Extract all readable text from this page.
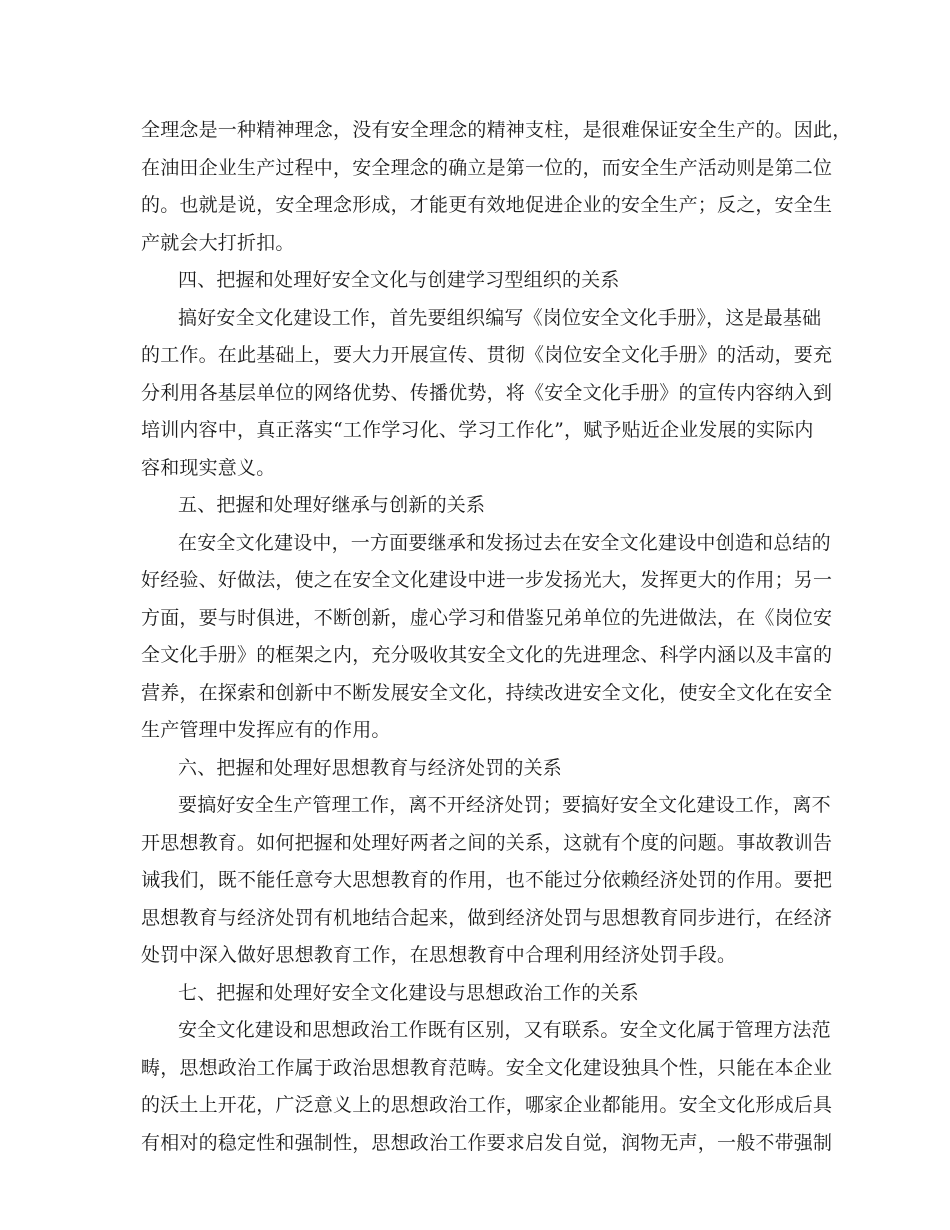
全理念是一种精神理念，没有安全理念的精神支柱，是很难保证安全生产的。因此，
在油田企业生产过程中，安全理念的确立是第一位的，而安全生产活动则是第二位
的。也就是说，安全理念形成，才能更有效地促进企业的安全生产；反之，安全生
产就会大打折扣。
四、把握和处理好安全文化与创建学习型组织的关系
搞好安全文化建设工作，首先要组织编写《岗位安全文化手册》，这是最基础
的工作。在此基础上，要大力开展宣传、贯彻《岗位安全文化手册》的活动，要充
分利用各基层单位的网络优势、传播优势，将《安全文化手册》的宣传内容纳入到
培训内容中，真正落实“工作学习化、学习工作化”，赋予贴近企业发展的实际内
容和现实意义。
五、把握和处理好继承与创新的关系
在安全文化建设中，一方面要继承和发扬过去在安全文化建设中创造和总结的
好经验、好做法，使之在安全文化建设中进一步发扬光大，发挥更大的作用；另一
方面，要与时俱进，不断创新，虚心学习和借鉴兄弟单位的先进做法，在《岗位安
全文化手册》的框架之内，充分吸收其安全文化的先进理念、科学内涵以及丰富的
营养，在探索和创新中不断发展安全文化，持续改进安全文化，使安全文化在安全
生产管理中发挥应有的作用。
六、把握和处理好思想教育与经济处罚的关系
要搞好安全生产管理工作，离不开经济处罚；要搞好安全文化建设工作，离不
开思想教育。如何把握和处理好两者之间的关系，这就有个度的问题。事故教训告
诫我们，既不能任意夸大思想教育的作用，也不能过分依赖经济处罚的作用。要把
思想教育与经济处罚有机地结合起来，做到经济处罚与思想教育同步进行，在经济
处罚中深入做好思想教育工作，在思想教育中合理利用经济处罚手段。
七、把握和处理好安全文化建设与思想政治工作的关系
安全文化建设和思想政治工作既有区别，又有联系。安全文化属于管理方法范
畴，思想政治工作属于政治思想教育范畴。安全文化建设独具个性，只能在本企业
的沃土上开花，广泛意义上的思想政治工作，哪家企业都能用。安全文化形成后具
有相对的稳定性和强制性，思想政治工作要求启发自觉，润物无声，一般不带强制
